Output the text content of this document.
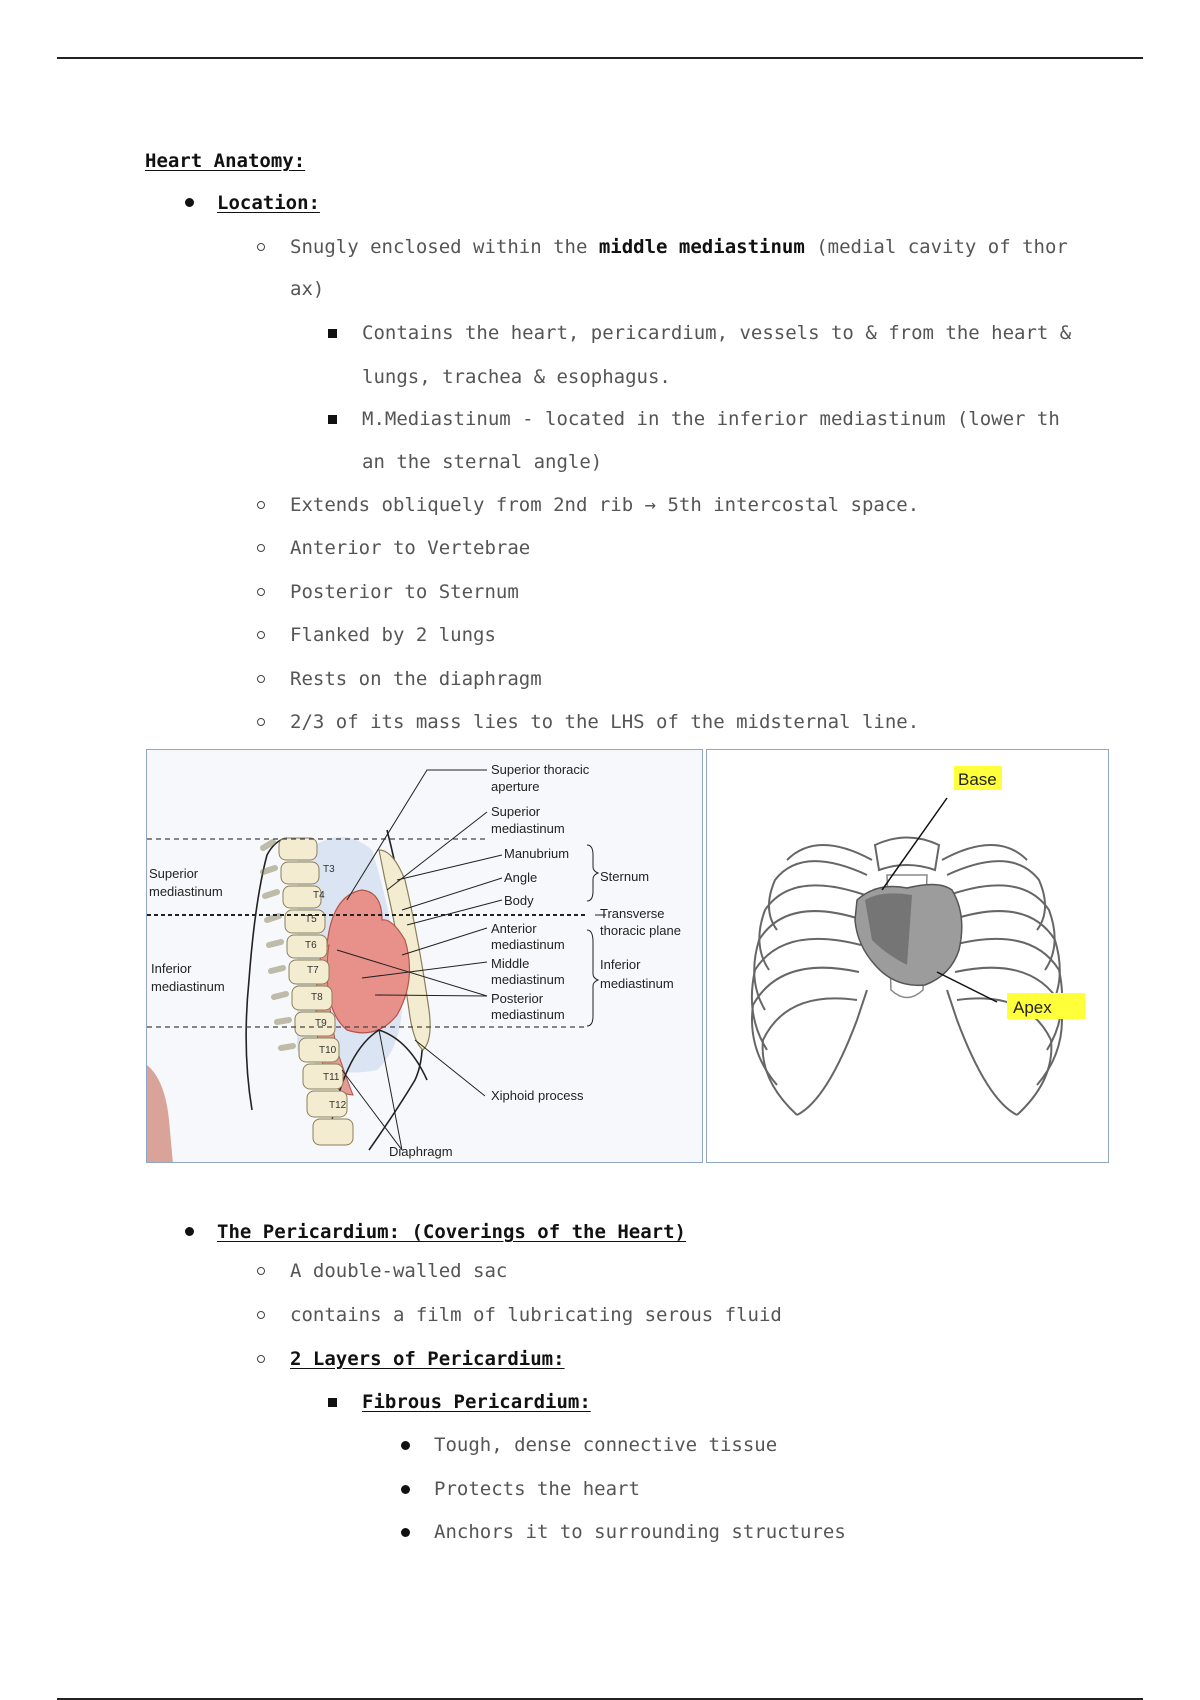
Heart Anatomy:
Location:
Snugly enclosed within the middle mediastinum (medial cavity of thor
ax)
Contains the heart, pericardium, vessels to & from the heart &
lungs, trachea & esophagus.
M.Mediastinum - located in the inferior mediastinum (lower th
an the sternal angle)
Extends obliquely from 2nd rib → 5th intercostal space.
Anterior to Vertebrae
Posterior to Sternum
Flanked by 2 lungs
Rests on the diaphragm
2/3 of its mass lies to the LHS of the midsternal line.
T3
T4
T5
T6
T7
T8
T9
T10
T11
T12
Superior thoracic
aperture
Superior
mediastinum
Manubrium
Angle
Body
Sternum
Transverse
thoracic plane
Anterior
mediastinum
Middle
mediastinum
Posterior
mediastinum
Inferior
mediastinum
Xiphoid process
Diaphragm
Superior
mediastinum
Inferior
mediastinum
Base
Apex
The Pericardium: (Coverings of the Heart)
A double-walled sac
contains a film of lubricating serous fluid
2 Layers of Pericardium:
Fibrous Pericardium:
Tough, dense connective tissue
Protects the heart
Anchors it to surrounding structures
